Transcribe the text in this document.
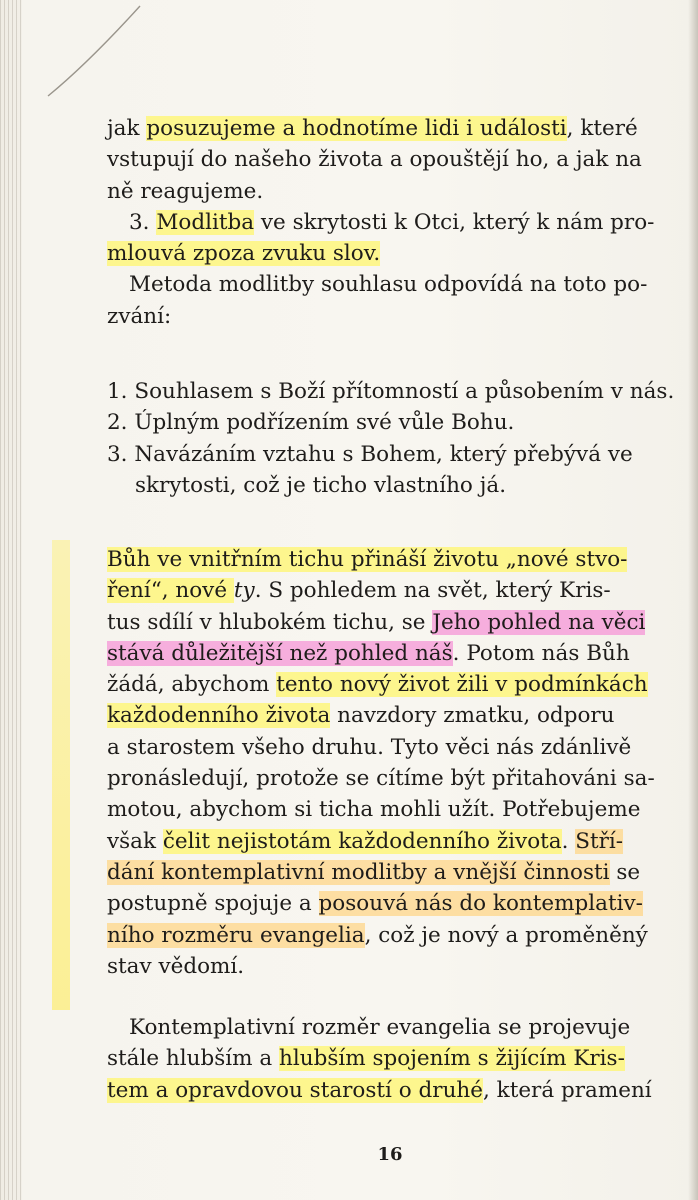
jak posuzujeme a hodnotíme lidi i události, které
vstupují do našeho života a opouštějí ho, a jak na
ně reagujeme.
3. Modlitba ve skrytosti k Otci, který k nám pro-
mlouvá zpoza zvuku slov.
Metoda modlitby souhlasu odpovídá na toto po-
zvání:
1. Souhlasem s Boží přítomností a působením v nás.
2. Úplným podřízením své vůle Bohu.
3. Navázáním vztahu s Bohem, který přebývá ve
skrytosti, což je ticho vlastního já.
Bůh ve vnitřním tichu přináší životu „nové stvo-
ření“, nové ty. S pohledem na svět, který Kris-
tus sdílí v hlubokém tichu, se Jeho pohled na věci
stává důležitější než pohled náš. Potom nás Bůh
žádá, abychom tento nový život žili v podmínkách
každodenního života navzdory zmatku, odporu
a starostem všeho druhu. Tyto věci nás zdánlivě
pronásledují, protože se cítíme být přitahováni sa-
motou, abychom si ticha mohli užít. Potřebujeme
však čelit nejistotám každodenního života. Stří-
dání kontemplativní modlitby a vnější činnosti se
postupně spojuje a posouvá nás do kontemplativ-
ního rozměru evangelia, což je nový a proměněný
stav vědomí.
Kontemplativní rozměr evangelia se projevuje
stále hlubším a hlubším spojením s žijícím Kris-
tem a opravdovou starostí o druhé, která pramení
16
